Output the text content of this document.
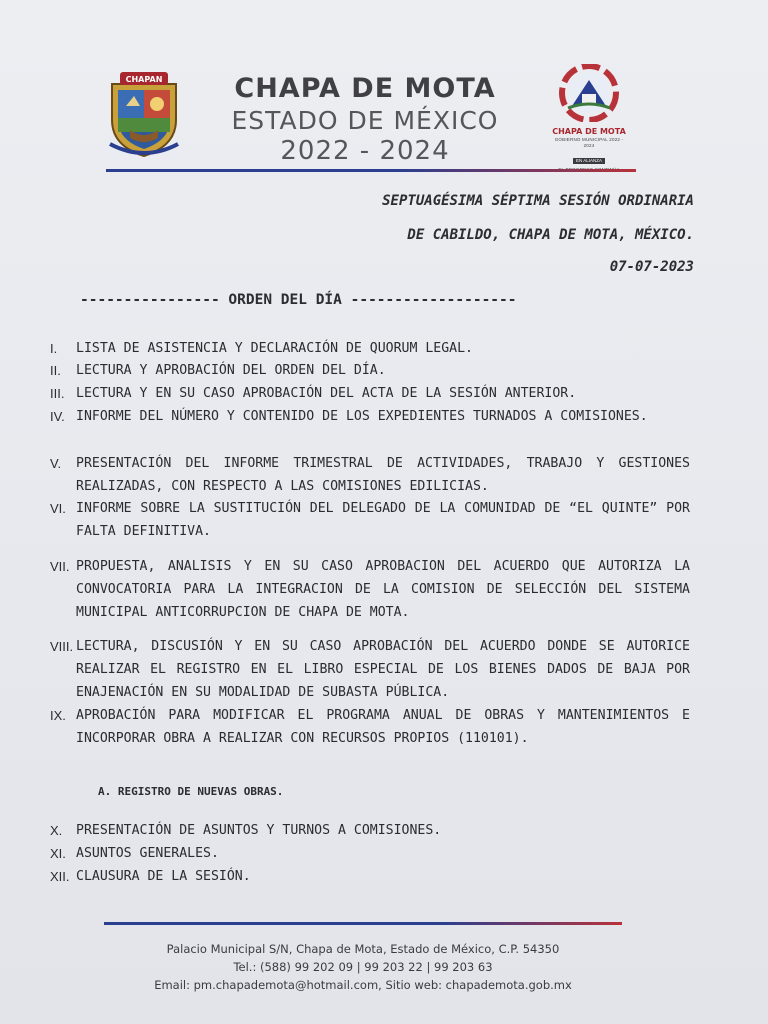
CHAPAN	CHAPA DE MOTA
ESTADO DE MÉXICO
2022 - 2024
CHAPA DE MOTA
GOBIERNO MUNICIPAL 2022 - 2024
EN ALIANZA
SEPTUAGÉSIMA SÉPTIMA SESIÓN ORDINARIA
DE CABILDO, CHAPA DE MOTA, MÉXICO.
07-07-2023
---------------- ORDEN DEL DÍA -------------------
I. LISTA DE ASISTENCIA Y DECLARACIÓN DE QUORUM LEGAL.
II. LECTURA Y APROBACIÓN DEL ORDEN DEL DÍA.
III. LECTURA Y EN SU CASO APROBACIÓN DEL ACTA DE LA SESIÓN ANTERIOR.
IV. INFORME DEL NÚMERO Y CONTENIDO DE LOS EXPEDIENTES TURNADOS A COMISIONES.
V. PRESENTACIÓN DEL INFORME TRIMESTRAL DE ACTIVIDADES, TRABAJO Y GESTIONES REALIZADAS, CON RESPECTO A LAS COMISIONES EDILICIAS.
VI. INFORME SOBRE LA SUSTITUCIÓN DEL DELEGADO DE LA COMUNIDAD DE “EL QUINTE” POR FALTA DEFINITIVA.
VII. PROPUESTA, ANALISIS Y EN SU CASO APROBACION DEL ACUERDO QUE AUTORIZA LA CONVOCATORIA PARA LA INTEGRACION DE LA COMISION DE SELECCIÓN DEL SISTEMA MUNICIPAL ANTICORRUPCION DE CHAPA DE MOTA.
VIII. LECTURA, DISCUSIÓN Y EN SU CASO APROBACIÓN DEL ACUERDO DONDE SE AUTORICE REALIZAR EL REGISTRO EN EL LIBRO ESPECIAL DE LOS BIENES DADOS DE BAJA POR ENAJENACIÓN EN SU MODALIDAD DE SUBASTA PÚBLICA.
IX. APROBACIÓN PARA MODIFICAR EL PROGRAMA ANUAL DE OBRAS Y MANTENIMIENTOS E INCORPORAR OBRA A REALIZAR CON RECURSOS PROPIOS (110101).
A. REGISTRO DE NUEVAS OBRAS.
X. PRESENTACIÓN DE ASUNTOS Y TURNOS A COMISIONES.
XI. ASUNTOS GENERALES.
XII. CLAUSURA DE LA SESIÓN.
Palacio Municipal S/N, Chapa de Mota, Estado de México, C.P. 54350
Tel.: (588) 99 202 09 | 99 203 22 | 99 203 63
Email: pm.chapademota@hotmail.com, Sitio web: chapademota.gob.mx
